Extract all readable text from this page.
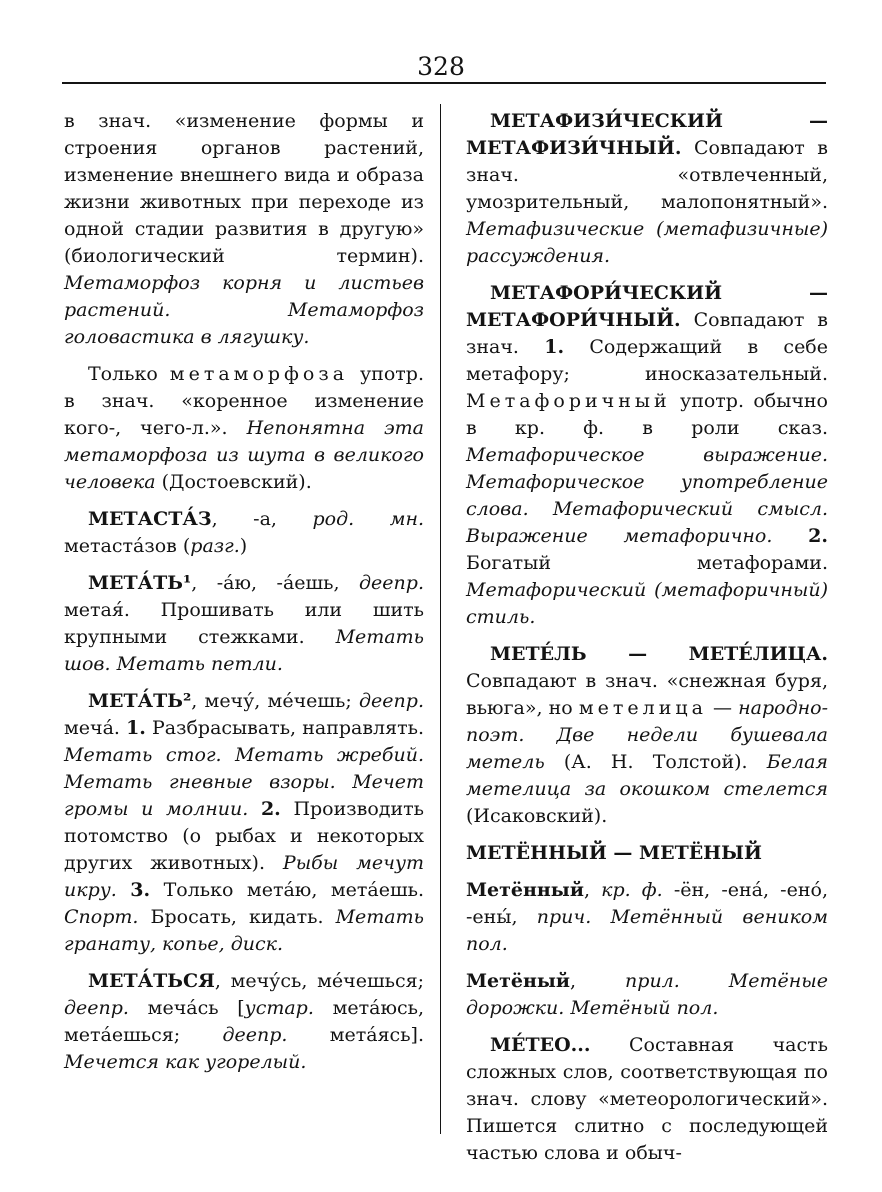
328

в знач. «изменение формы и строения органов растений, изменение внешнего вида и образа жизни животных при переходе из одной стадии развития в другую» (биологический термин). Метаморфоз корня и листьев растений. Метаморфоз головастика в лягушку.

Только метаморфоза употр. в знач. «коренное изменение кого-, чего-л.». Непонятна эта метаморфоза из шута в великого человека (Достоевский).

МЕТАСТА́З, -а, род. мн. метаста́зов (разг.)

МЕТА́ТЬ¹, -а́ю, -а́ешь, деепр. метая́. Прошивать или шить крупными стежками. Метать шов. Метать петли.

МЕТА́ТЬ², мечу́, ме́чешь; деепр. меча́. 1. Разбрасывать, направлять. Метать стог. Метать жребий. Метать гневные взоры. Мечет громы и молнии. 2. Производить потомство (о рыбах и некоторых других животных). Рыбы мечут икру. 3. Только мета́ю, мета́ешь. Спорт. Бросать, кидать. Метать гранату, копье, диск.

МЕТА́ТЬСЯ, мечу́сь, ме́чешься; деепр. меча́сь [устар. мета́юсь, мета́ешься; деепр. мета́ясь]. Мечется как угорелый.

МЕТАФИЗИ́ЧЕСКИЙ — МЕТАФИЗИ́ЧНЫЙ. Совпадают в знач. «отвлеченный, умозрительный, малопонятный». Метафизические (метафизичные) рассуждения.

МЕТАФОРИ́ЧЕСКИЙ — МЕТАФОРИ́ЧНЫЙ. Совпадают в знач. 1. Содержащий в себе метафору; иносказательный. Метафоричный употр. обычно в кр. ф. в роли сказ. Метафорическое выражение. Метафорическое употребление слова. Метафорический смысл. Выражение метафорично. 2. Богатый метафорами. Метафорический (метафоричный) стиль.

МЕТЕ́ЛЬ — МЕТЕ́ЛИЦА. Совпадают в знач. «снежная буря, вьюга», но метелица — народно-поэт. Две недели бушевала метель (А. Н. Толстой). Белая метелица за окошком стелется (Исаковский).

МЕТЁННЫЙ — МЕТЁНЫЙ

Метённый, кр. ф. -ён, -ена́, -ено́, -ены́, прич. Метённый веником пол.

Метёный, прил. Метёные дорожки. Метёный пол.

МЕ́ТЕО... Составная часть сложных слов, соответствующая по знач. слову «метеорологический». Пишется слитно с последующей частью слова и обыч-
